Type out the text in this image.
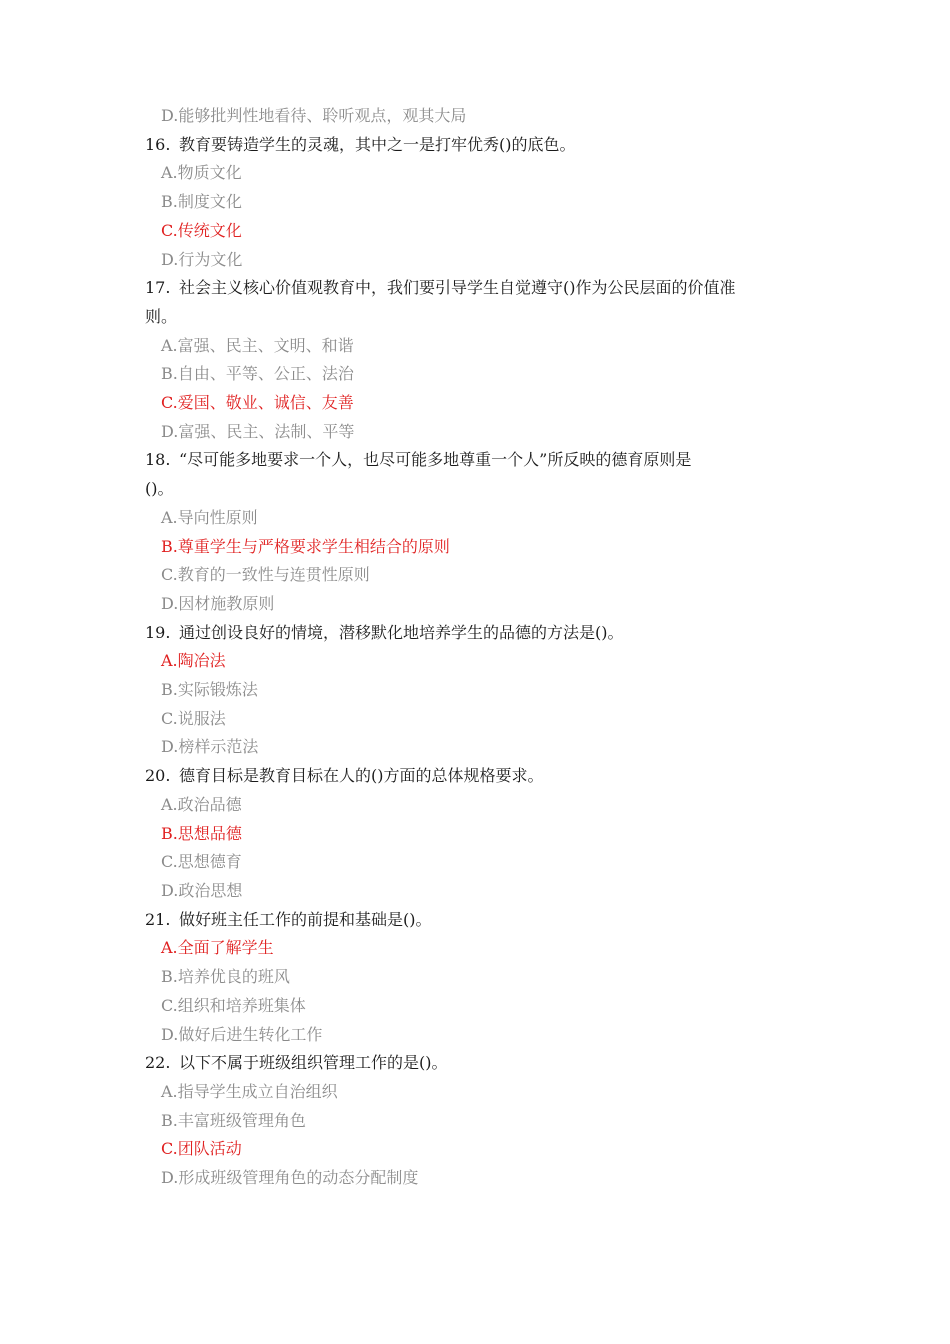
D.能够批判性地看待、聆听观点，观其大局
16. 教育要铸造学生的灵魂，其中之一是打牢优秀()的底色。
A.物质文化
B.制度文化
C.传统文化
D.行为文化
17. 社会主义核心价值观教育中，我们要引导学生自觉遵守()作为公民层面的价值准
则。
A.富强、民主、文明、和谐
B.自由、平等、公正、法治
C.爱国、敬业、诚信、友善
D.富强、民主、法制、平等
18. “尽可能多地要求一个人，也尽可能多地尊重一个人”所反映的德育原则是
()。
A.导向性原则
B.尊重学生与严格要求学生相结合的原则
C.教育的一致性与连贯性原则
D.因材施教原则
19. 通过创设良好的情境，潜移默化地培养学生的品德的方法是()。
A.陶冶法
B.实际锻炼法
C.说服法
D.榜样示范法
20. 德育目标是教育目标在人的()方面的总体规格要求。
A.政治品德
B.思想品德
C.思想德育
D.政治思想
21. 做好班主任工作的前提和基础是()。
A.全面了解学生
B.培养优良的班风
C.组织和培养班集体
D.做好后进生转化工作
22. 以下不属于班级组织管理工作的是()。
A.指导学生成立自治组织
B.丰富班级管理角色
C.团队活动
D.形成班级管理角色的动态分配制度
